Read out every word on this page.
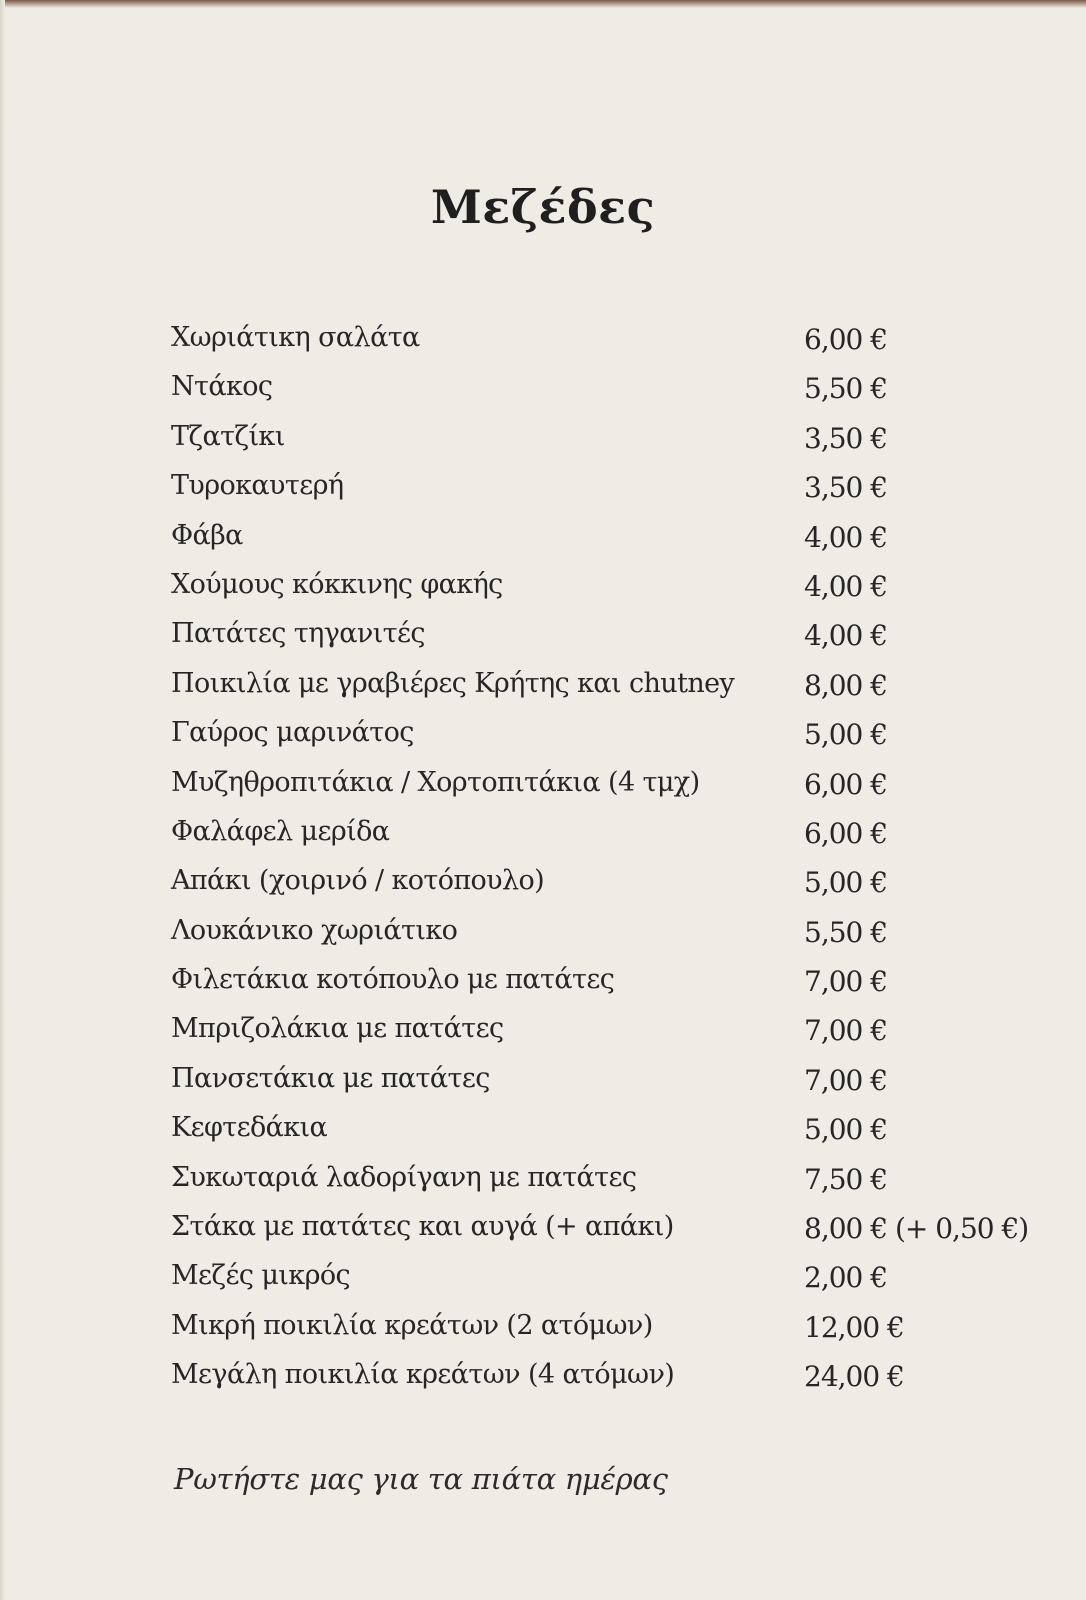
Μεζέδες
Χωριάτικη σαλάτα	6,00 €
Ντάκος	5,50 €
Τζατζίκι	3,50 €
Τυροκαυτερή	3,50 €
Φάβα	4,00 €
Χούμους κόκκινης φακής	4,00 €
Πατάτες τηγανιτές	4,00 €
Ποικιλία με γραβιέρες Κρήτης και chutney 8,00 €
Γαύρος μαρινάτος	5,00 €
Μυζηθροπιτάκια / Χορτοπιτάκια (4 τμχ)	6,00 €
Φαλάφελ μερίδα	6,00 €
Απάκι (χοιρινό / κοτόπουλο)	5,00 €
Λουκάνικο χωριάτικο	5,50 €
Φιλετάκια κοτόπουλο με πατάτες	7,00 €
Μπριζολάκια με πατάτες	7,00 €
Πανσετάκια με πατάτες	7,00 €
Κεφτεδάκια	5,00 €
Συκωταριά λαδορίγανη με πατάτες	7,50 €
Στάκα με πατάτες και αυγά (+ απάκι)	8,00 € (+ 0,50 €)
Μεζές μικρός	2,00 €
Μικρή ποικιλία κρεάτων (2 ατόμων)	12,00 €
Μεγάλη ποικιλία κρεάτων (4 ατόμων)	24,00 €

Ρωτήστε μας για τα πιάτα ημέρας
